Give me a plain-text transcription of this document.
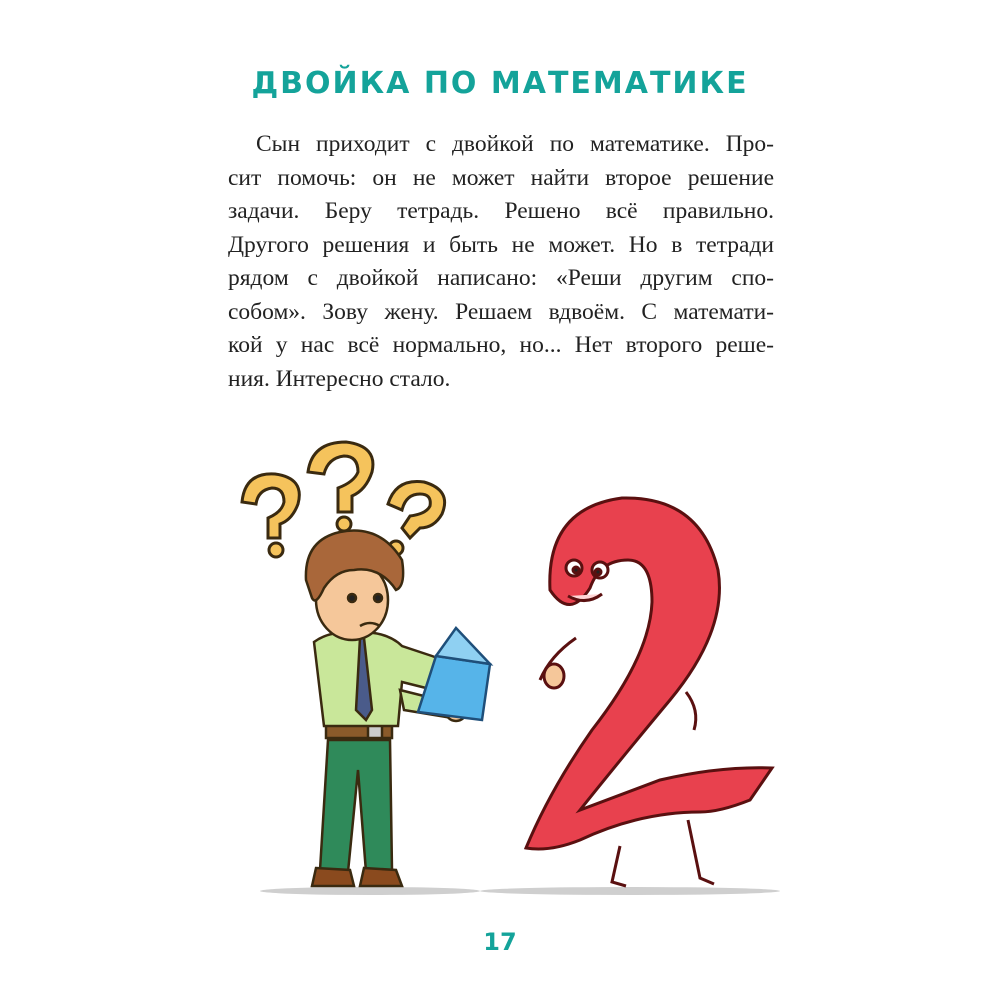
ДВОЙКА ПО МАТЕМАТИКЕ
Сын приходит с двойкой по математике. Про-
сит помочь: он не может найти второе решение
задачи. Беру тетрадь. Решено всё правильно.
Другого решения и быть не может. Но в тетради
рядом с двойкой написано: «Реши другим спо-
собом». Зову жену. Решаем вдвоём. С математи-
кой у нас всё нормально, но... Нет второго реше-
ния. Интересно стало.
17
